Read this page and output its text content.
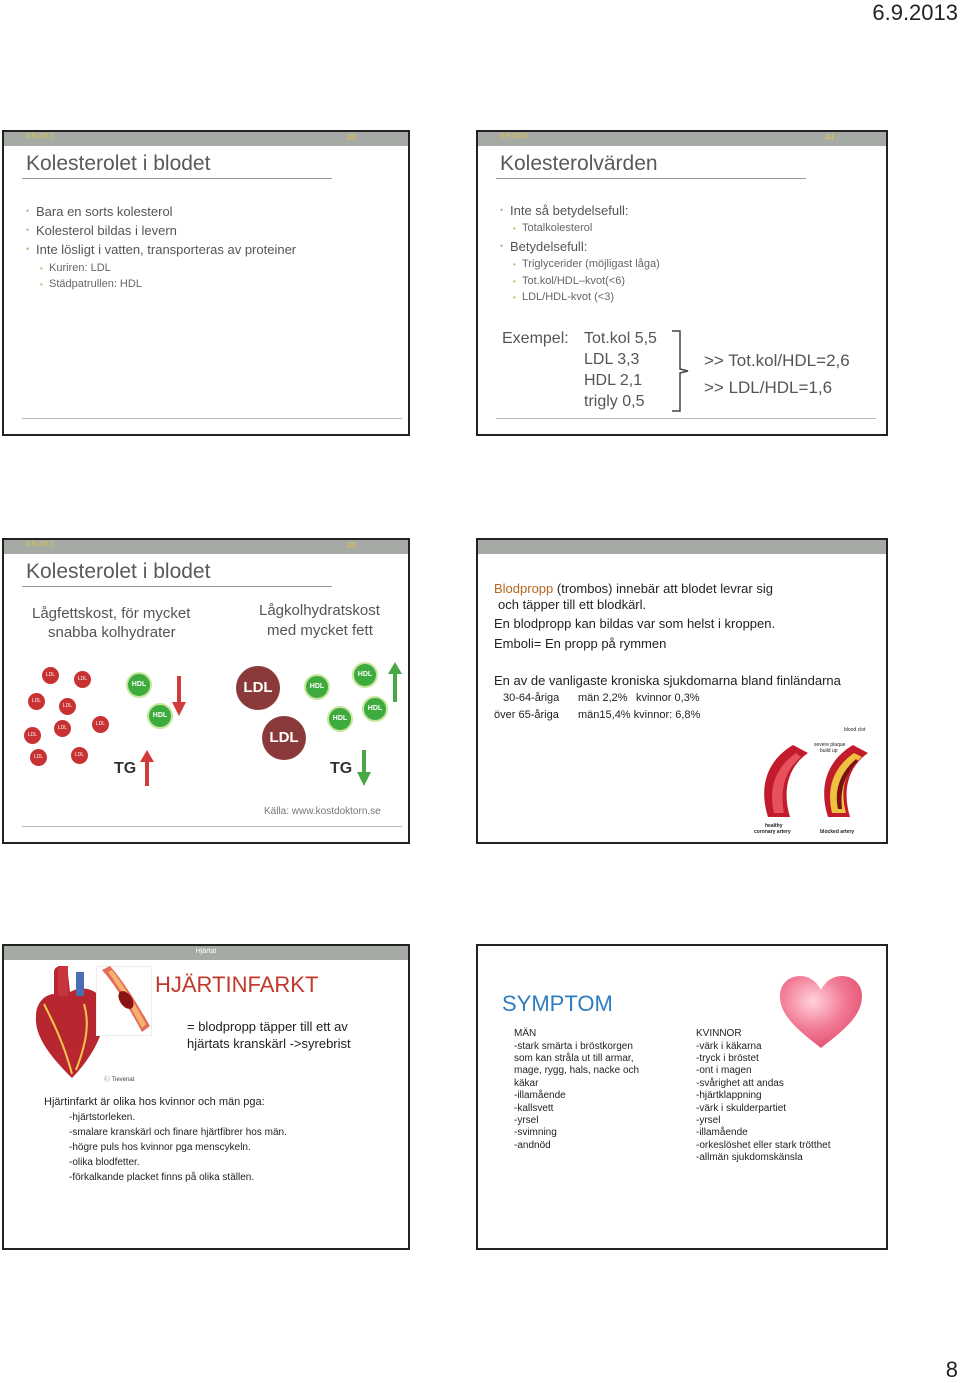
6.9.2013
6.9.2013	43
Kolesterolet i blodet
• Bara en sorts kolesterol
• Kolesterol bildas i levern
• Inte lösligt i vatten, transporteras av proteiner
• Kuriren: LDL
• Städpatrullen: HDL
6.9.2013	44
Kolesterolvärden
• Inte så betydelsefull:
• Totalkolesterol
• Betydelsefull:
• Triglycerider (möjligast låga)
• Tot.kol/HDL–kvot(<6)
• LDL/HDL-kvot (<3)
Exempel: Tot.kol 5,5
LDL 3,3
HDL 2,1
trigly 0,5
>> Tot.kol/HDL=2,6
>> LDL/HDL=1,6
6.9.2013	45
Kolesterolet i blodet
Lågfettskost, för mycket
snabba kolhydrater
Lågkolhydratskost
med mycket fett
LDL
LDL
LDL
LDL
LDL
LDL
LDL
LDL
LDL
HDL
HDL
TG
LDL
LDL
HDL
HDL
HDL
HDL
TG
Källa: www.kostdoktorn.se
Blodpropp (trombos) innebär att blodet levrar sig
och täpper till ett blodkärl.
En blodpropp kan bildas var som helst i kroppen.
Emboli= En propp på rymmen
En av de vanligaste kroniska sjukdomarna bland finländarna
30-64-åriga män 2,2% kvinnor 0,3%
över 65-åriga män15,4% kvinnor: 6,8%
blood clot
severe plaque
build up
healthy
coronary artery	blocked artery
Hjärtat
Ⓒ Tievenat
HJÄRTINFARKT
= blodpropp täpper till ett av
hjärtats kranskärl ->syrebrist
Hjärtinfarkt är olika hos kvinnor och män pga:
-hjärtstorleken.
-smalare kranskärl och finare hjärtfibrer hos män.
-högre puls hos kvinnor pga menscykeln.
-olika blodfetter.
-förkalkande placket finns på olika ställen.
SYMPTOM
MÄN
-stark smärta i bröstkorgen
som kan stråla ut till armar,
mage, rygg, hals, nacke och
käkar
-illamående
-kallsvett
-yrsel
-svimning
-andnöd
KVINNOR
-värk i käkarna
-tryck i bröstet
-ont i magen
-svårighet att andas
-hjärtklappning
-värk i skulderpartiet
-yrsel
-illamående
-orkeslöshet eller stark trötthet
-allmän sjukdomskänsla
8
